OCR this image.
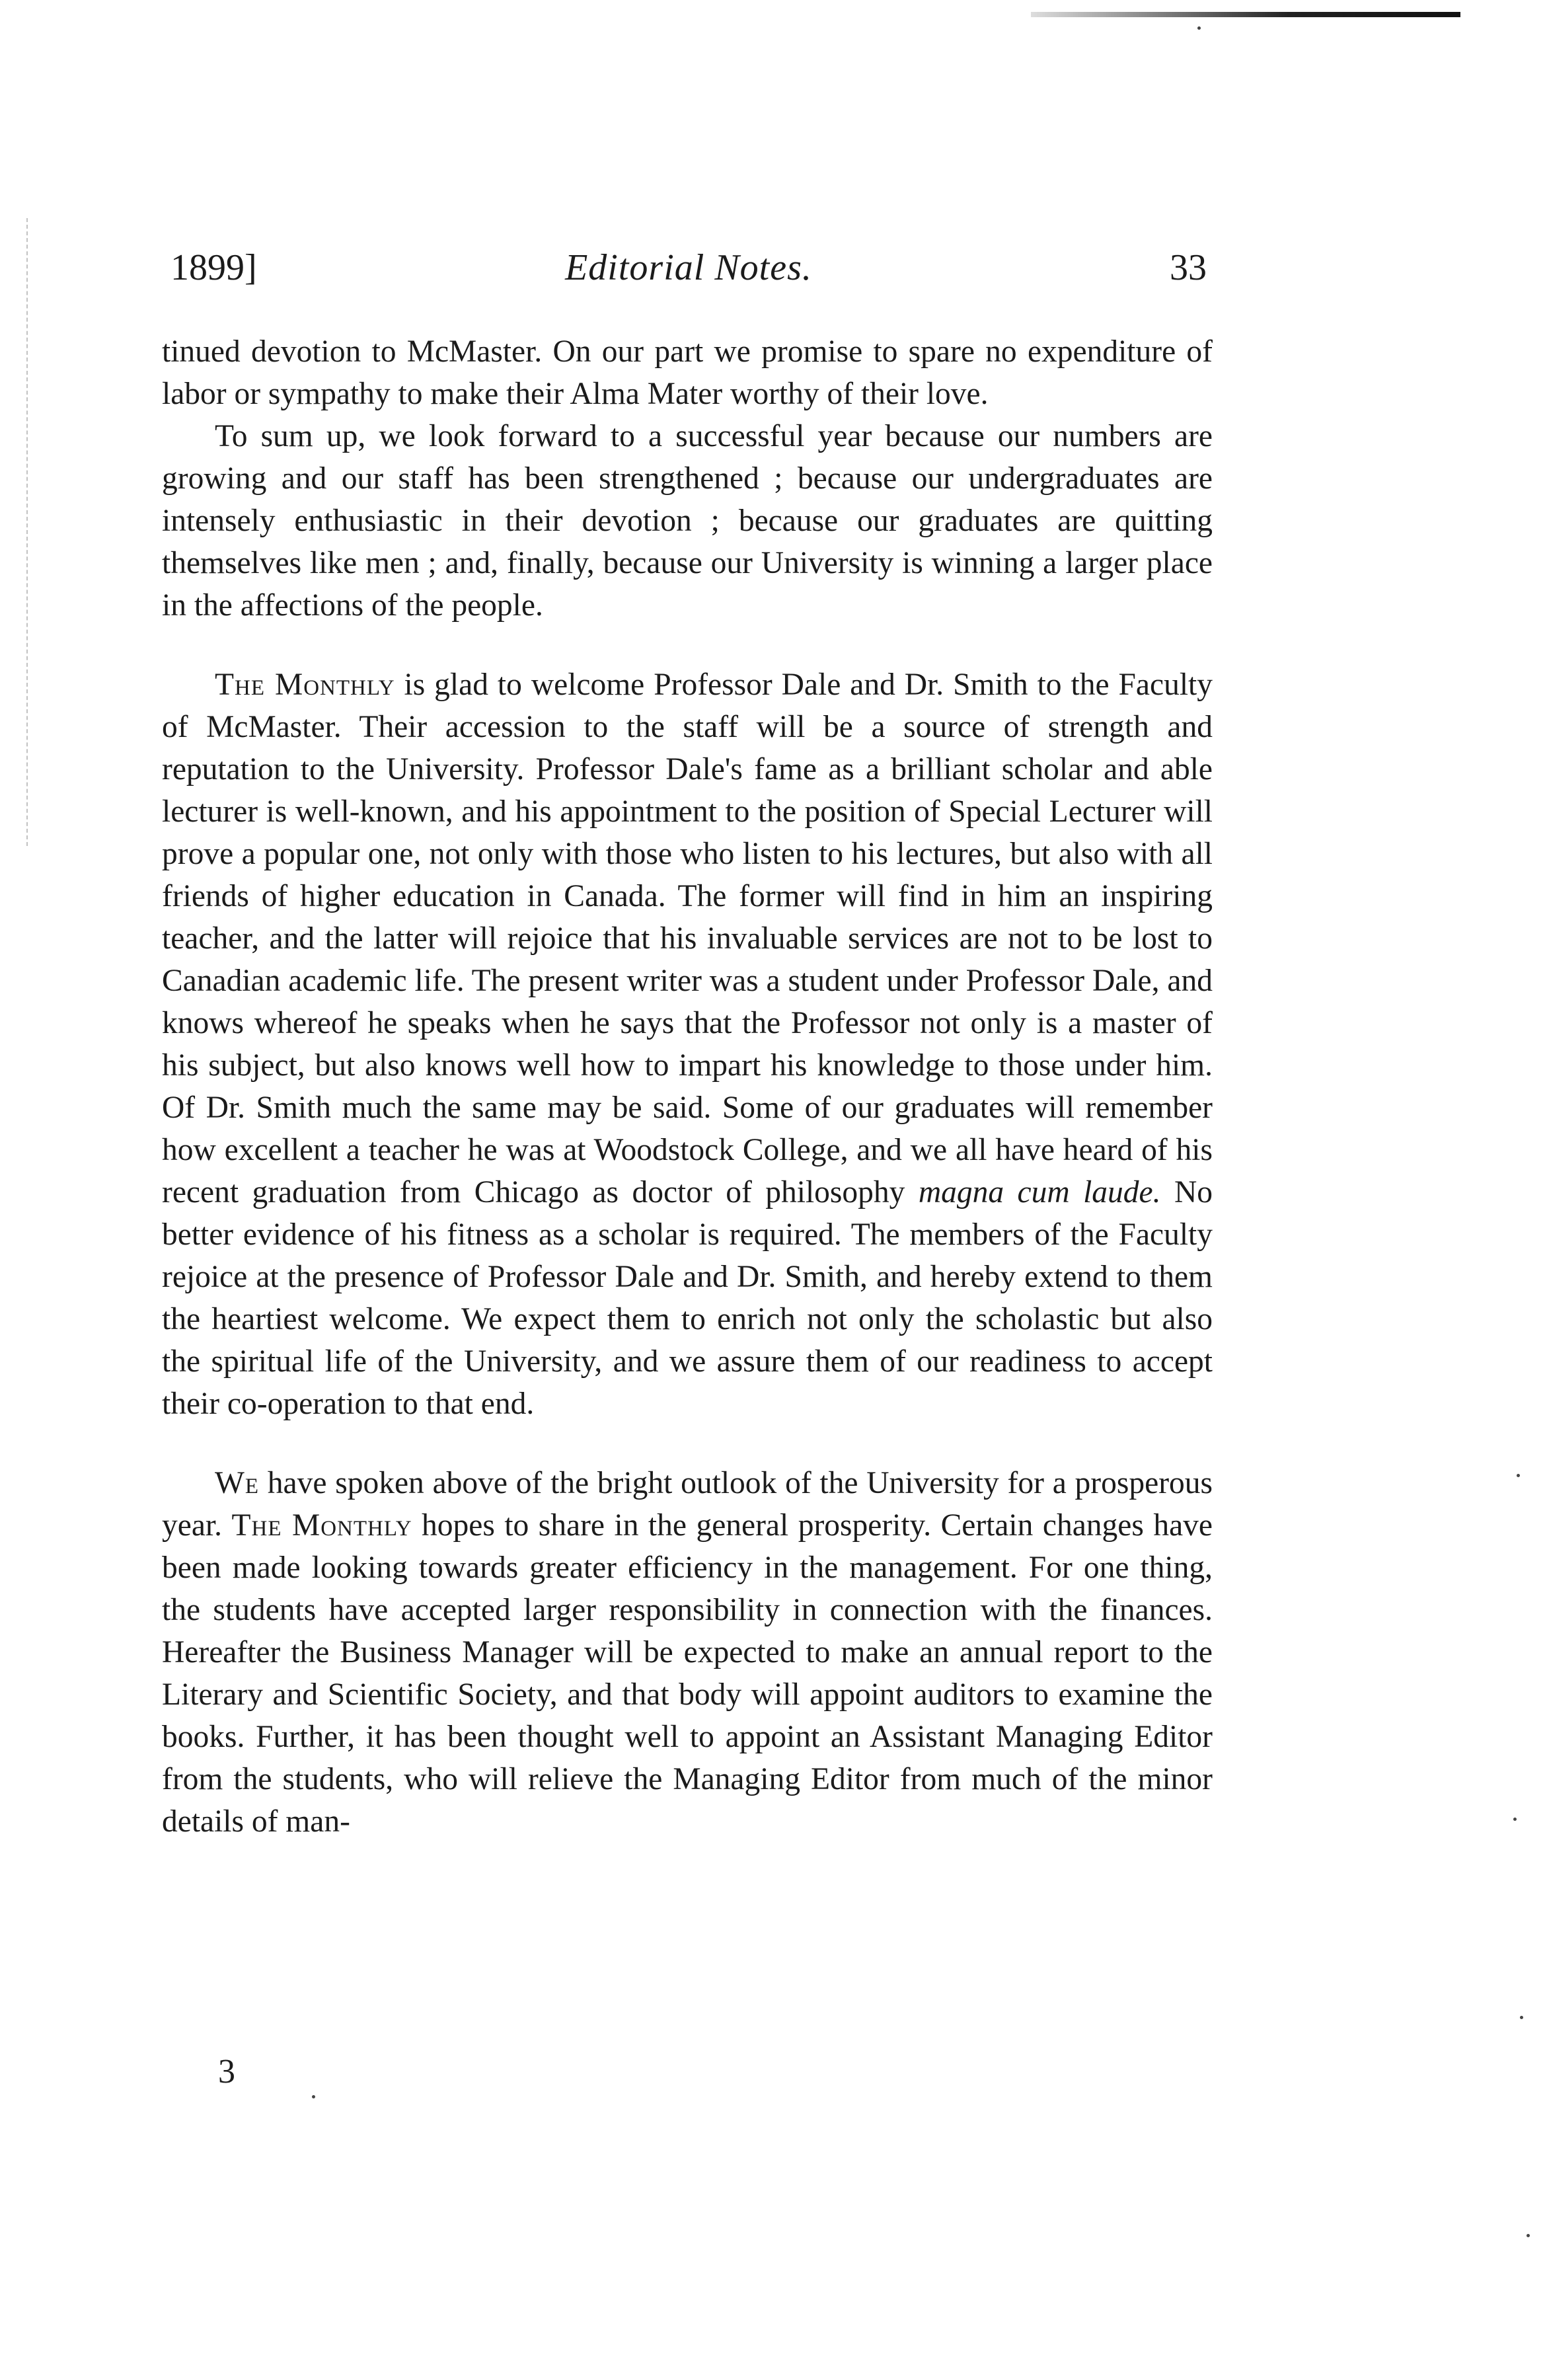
1899]	Editorial Notes.	33

tinued devotion to McMaster. On our part we promise to spare no expenditure of labor or sympathy to make their Alma Mater worthy of their love.

To sum up, we look forward to a successful year because our numbers are growing and our staff has been strengthened ; because our undergraduates are intensely enthusiastic in their devotion ; because our graduates are quitting themselves like men ; and, finally, because our University is winning a larger place in the affections of the people.

The Monthly is glad to welcome Professor Dale and Dr. Smith to the Faculty of McMaster. Their accession to the staff will be a source of strength and reputation to the University. Professor Dale's fame as a brilliant scholar and able lecturer is well-known, and his appointment to the position of Special Lecturer will prove a popular one, not only with those who listen to his lectures, but also with all friends of higher education in Canada. The former will find in him an inspiring teacher, and the latter will rejoice that his invaluable services are not to be lost to Canadian academic life. The present writer was a student under Professor Dale, and knows whereof he speaks when he says that the Professor not only is a master of his subject, but also knows well how to impart his knowledge to those under him. Of Dr. Smith much the same may be said. Some of our graduates will remember how excellent a teacher he was at Woodstock College, and we all have heard of his recent graduation from Chicago as doctor of philosophy magna cum laude. No better evidence of his fitness as a scholar is required. The members of the Faculty rejoice at the presence of Professor Dale and Dr. Smith, and hereby extend to them the heartiest welcome. We expect them to enrich not only the scholastic but also the spiritual life of the University, and we assure them of our readiness to accept their co-operation to that end.

We have spoken above of the bright outlook of the University for a prosperous year. The Monthly hopes to share in the general prosperity. Certain changes have been made looking towards greater efficiency in the management. For one thing, the students have accepted larger responsibility in connection with the finances. Hereafter the Business Manager will be expected to make an annual report to the Literary and Scientific Society, and that body will appoint auditors to examine the books. Further, it has been thought well to appoint an Assistant Managing Editor from the students, who will relieve the Managing Editor from much of the minor details of man-

3
